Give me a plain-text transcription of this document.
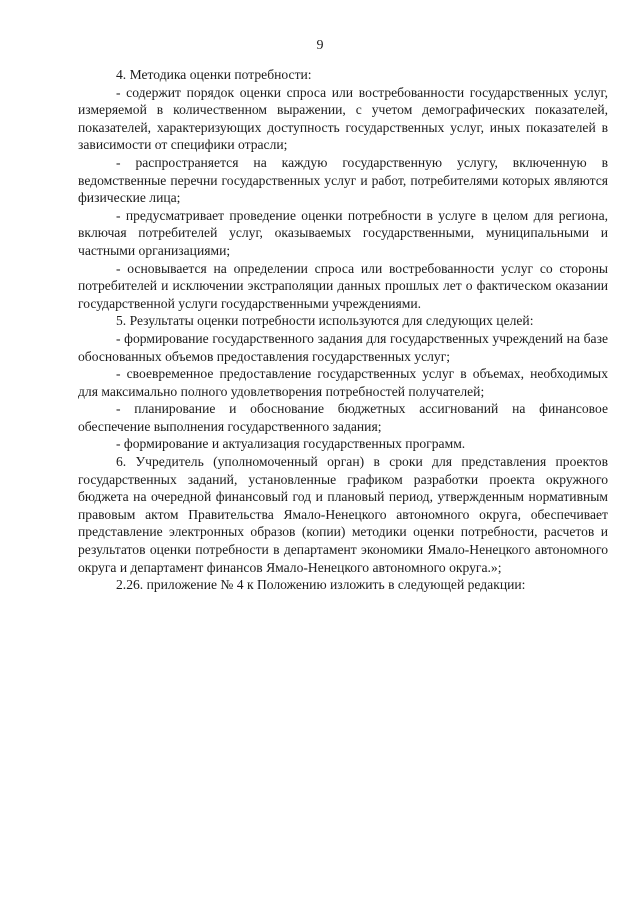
9

4. Методика оценки потребности:

- содержит порядок оценки спроса или востребованности государственных услуг, измеряемой в количественном выражении, с учетом демографических показателей, показателей, характеризующих доступность государственных услуг, иных показателей в зависимости от специфики отрасли;

- распространяется на каждую государственную услугу, включенную в ведомственные перечни государственных услуг и работ, потребителями которых являются физические лица;

- предусматривает проведение оценки потребности в услуге в целом для региона, включая потребителей услуг, оказываемых государственными, муниципальными и частными организациями;

- основывается на определении спроса или востребованности услуг со стороны потребителей и исключении экстраполяции данных прошлых лет о фактическом оказании государственной услуги государственными учреждениями.

5. Результаты оценки потребности используются для следующих целей:

- формирование государственного задания для государственных учреждений на базе обоснованных объемов предоставления государственных услуг;

- своевременное предоставление государственных услуг в объемах, необходимых для максимально полного удовлетворения потребностей получателей;

- планирование и обоснование бюджетных ассигнований на финансовое обеспечение выполнения государственного задания;

- формирование и актуализация государственных программ.

6. Учредитель (уполномоченный орган) в сроки для представления проектов государственных заданий, установленные графиком разработки проекта окружного бюджета на очередной финансовый год и плановый период, утвержденным нормативным правовым актом Правительства Ямало-Ненецкого автономного округа, обеспечивает представление электронных образов (копии) методики оценки потребности, расчетов и результатов оценки потребности в департамент экономики Ямало-Ненецкого автономного округа и департамент финансов Ямало-Ненецкого автономного округа.»;

2.26. приложение № 4 к Положению изложить в следующей редакции:
